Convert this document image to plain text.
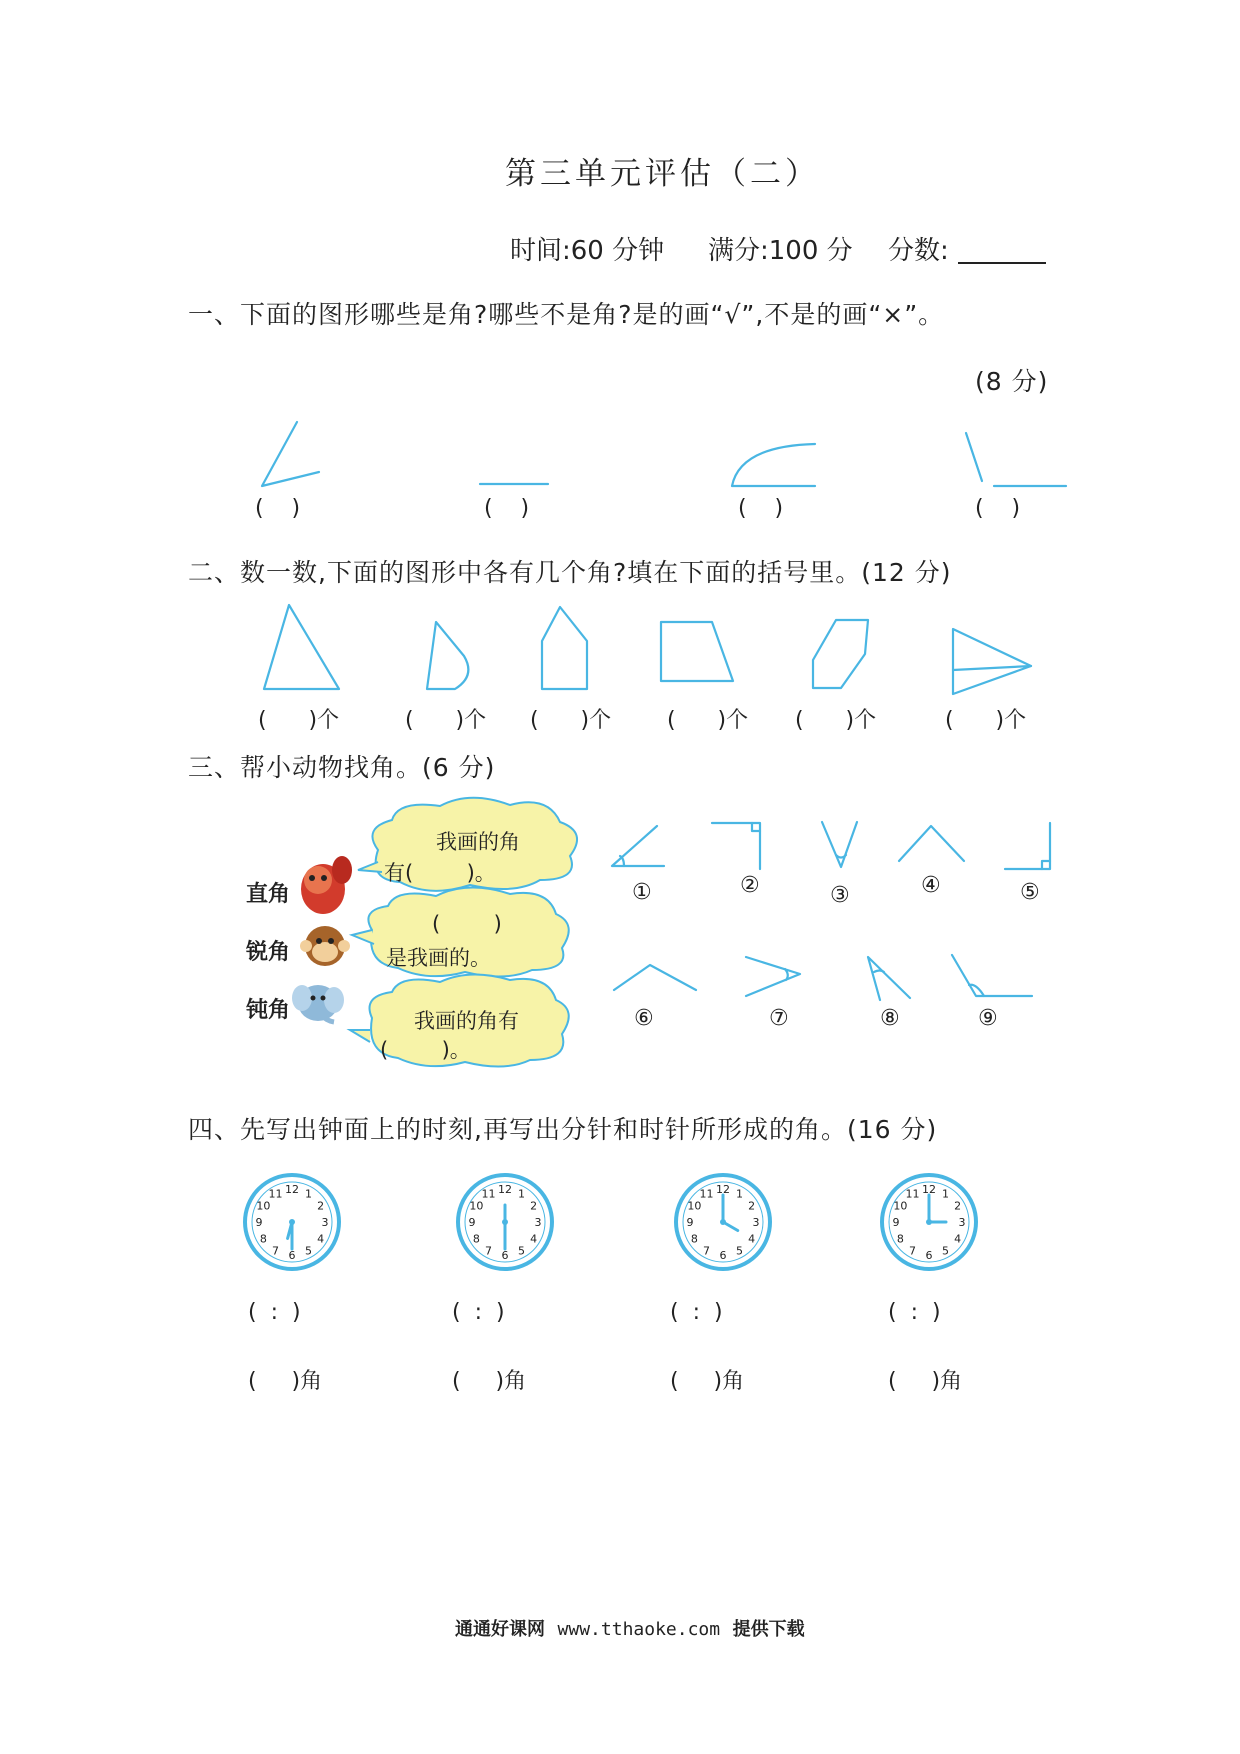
第三单元评估（二）
时间:60 分钟 满分:100 分 分数:
一、下面的图形哪些是角?哪些不是角?是的画“√”,不是的画“×”。
(8 分)
12 1
2
3
4
5
6
7
8
9
10
11	12 1
2
3
4
5
6
7
8
9
10
11	12 1
2
3
4
5
6
7
8
9
10
11	12 1
2
3
4
5
6
7
8
9
10
11
(    )	(    )	(    )	(    )
二、数一数,下面的图形中各有几个角?填在下面的括号里。(12 分)
(      )个	(      )个 (      )个	(      )个 (      )个	(      )个
三、帮小动物找角。(6 分)
直角
锐角
钝角
我画的角
有(        )。
(        )
是我画的。
我画的角有
(        )。
①	②	③	④	⑤
⑥	⑦	⑧	⑨
四、先写出钟面上的时刻,再写出分针和时针所形成的角。(16 分)
(  :  )	(  :  )	(  :  )	(  :  )
(     )角	(     )角	(     )角	(     )角
通通好课网 www.tthaoke.com 提供下载
